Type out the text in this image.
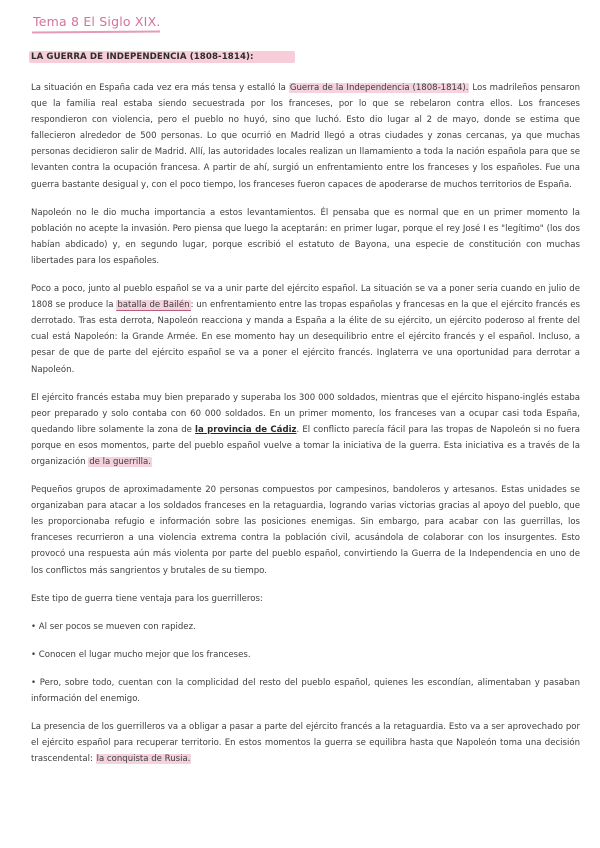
Tema 8 El Siglo XIX.
LA GUERRA DE INDEPENDENCIA (1808-1814):

La situación en España cada vez era más tensa y estalló la Guerra de la Independencia (1808-1814). Los madrileños pensaron que la familia real estaba siendo secuestrada por los franceses, por lo que se rebelaron contra ellos. Los franceses respondieron con violencia, pero el pueblo no huyó, sino que luchó. Esto dio lugar al 2 de mayo, donde se estima que fallecieron alrededor de 500 personas. Lo que ocurrió en Madrid llegó a otras ciudades y zonas cercanas, ya que muchas personas decidieron salir de Madrid. Allí, las autoridades locales realizan un llamamiento a toda la nación española para que se levanten contra la ocupación francesa. A partir de ahí, surgió un enfrentamiento entre los franceses y los españoles. Fue una guerra bastante desigual y, con el poco tiempo, los franceses fueron capaces de apoderarse de muchos territorios de España.

Napoleón no le dio mucha importancia a estos levantamientos. Él pensaba que es normal que en un primer momento la población no acepte la invasión. Pero piensa que luego la aceptarán: en primer lugar, porque el rey José I es "legítimo" (los dos habían abdicado) y, en segundo lugar, porque escribió el estatuto de Bayona, una especie de constitución con muchas libertades para los españoles.

Poco a poco, junto al pueblo español se va a unir parte del ejército español. La situación se va a poner seria cuando en julio de 1808 se produce la batalla de Bailén: un enfrentamiento entre las tropas españolas y francesas en la que el ejército francés es derrotado. Tras esta derrota, Napoleón reacciona y manda a España a la élite de su ejército, un ejército poderoso al frente del cual está Napoleón: la Grande Armée. En ese momento hay un desequilibrio entre el ejército francés y el español. Incluso, a pesar de que de parte del ejército español se va a poner el ejército francés. Inglaterra ve una oportunidad para derrotar a Napoleón.

El ejército francés estaba muy bien preparado y superaba los 300 000 soldados, mientras que el ejército hispano-inglés estaba peor preparado y solo contaba con 60 000 soldados. En un primer momento, los franceses van a ocupar casi toda España, quedando libre solamente la zona de la provincia de Cádiz. El conflicto parecía fácil para las tropas de Napoleón si no fuera porque en esos momentos, parte del pueblo español vuelve a tomar la iniciativa de la guerra. Esta iniciativa es a través de la organización de la guerrilla.

Pequeños grupos de aproximadamente 20 personas compuestos por campesinos, bandoleros y artesanos. Estas unidades se organizaban para atacar a los soldados franceses en la retaguardia, logrando varias victorias gracias al apoyo del pueblo, que les proporcionaba refugio e información sobre las posiciones enemigas. Sin embargo, para acabar con las guerrillas, los franceses recurrieron a una violencia extrema contra la población civil, acusándola de colaborar con los insurgentes. Esto provocó una respuesta aún más violenta por parte del pueblo español, convirtiendo la Guerra de la Independencia en uno de los conflictos más sangrientos y brutales de su tiempo.

Este tipo de guerra tiene ventaja para los guerrilleros:

• Al ser pocos se mueven con rapidez.

• Conocen el lugar mucho mejor que los franceses.

• Pero, sobre todo, cuentan con la complicidad del resto del pueblo español, quienes les escondían, alimentaban y pasaban información del enemigo.

La presencia de los guerrilleros va a obligar a pasar a parte del ejército francés a la retaguardia. Esto va a ser aprovechado por el ejército español para recuperar territorio. En estos momentos la guerra se equilibra hasta que Napoleón toma una decisión trascendental: la conquista de Rusia.
